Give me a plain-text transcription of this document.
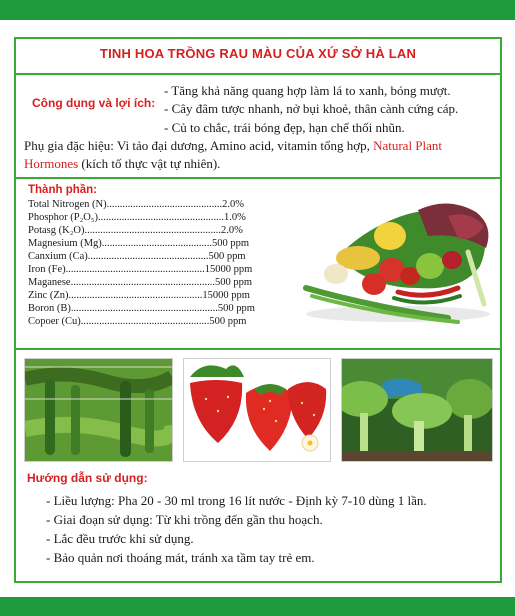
TINH HOA TRỒNG RAU MÀU CỦA XỨ SỞ HÀ LAN
Công dụng và lợi ích:
- Tăng khả năng quang hợp làm lá to xanh, bóng mượt.
- Cây đâm tược nhanh, nở bụi khoẻ, thân cành cứng cáp.
- Củ to chắc, trái bóng đẹp, hạn chế thối nhũn.
Phụ gia đặc hiệu: Vi tảo đại dương, Amino acid, vitamin tổng hợp, Natural Plant
Hormones (kích tố thực vật tự nhiên).
Thành phần:
Total Nitrogen (N)............................................2.0%
Phosphor (P₂O₅)................................................1.0%
Potasg (K₂O)....................................................2.0%
Magnesium (Mg)..........................................500 ppm
Canxium (Ca)..............................................500 ppm
Iron (Fe).....................................................15000 ppm
Maganese.......................................................500 ppm
Zinc (Zn)...................................................15000 ppm
Boron (B)........................................................500 ppm
Copoer (Cu).................................................500 ppm
Hướng dẫn sử dụng:
- Liều lượng: Pha 20 - 30 ml trong 16 lít nước - Định kỳ 7-10 dùng 1 lần.
- Giai đoạn sử dụng: Từ khi trồng đến gần thu hoạch.
- Lắc đều trước khi sử dụng.
- Bảo quản nơi thoáng mát, tránh xa tầm tay trẻ em.
